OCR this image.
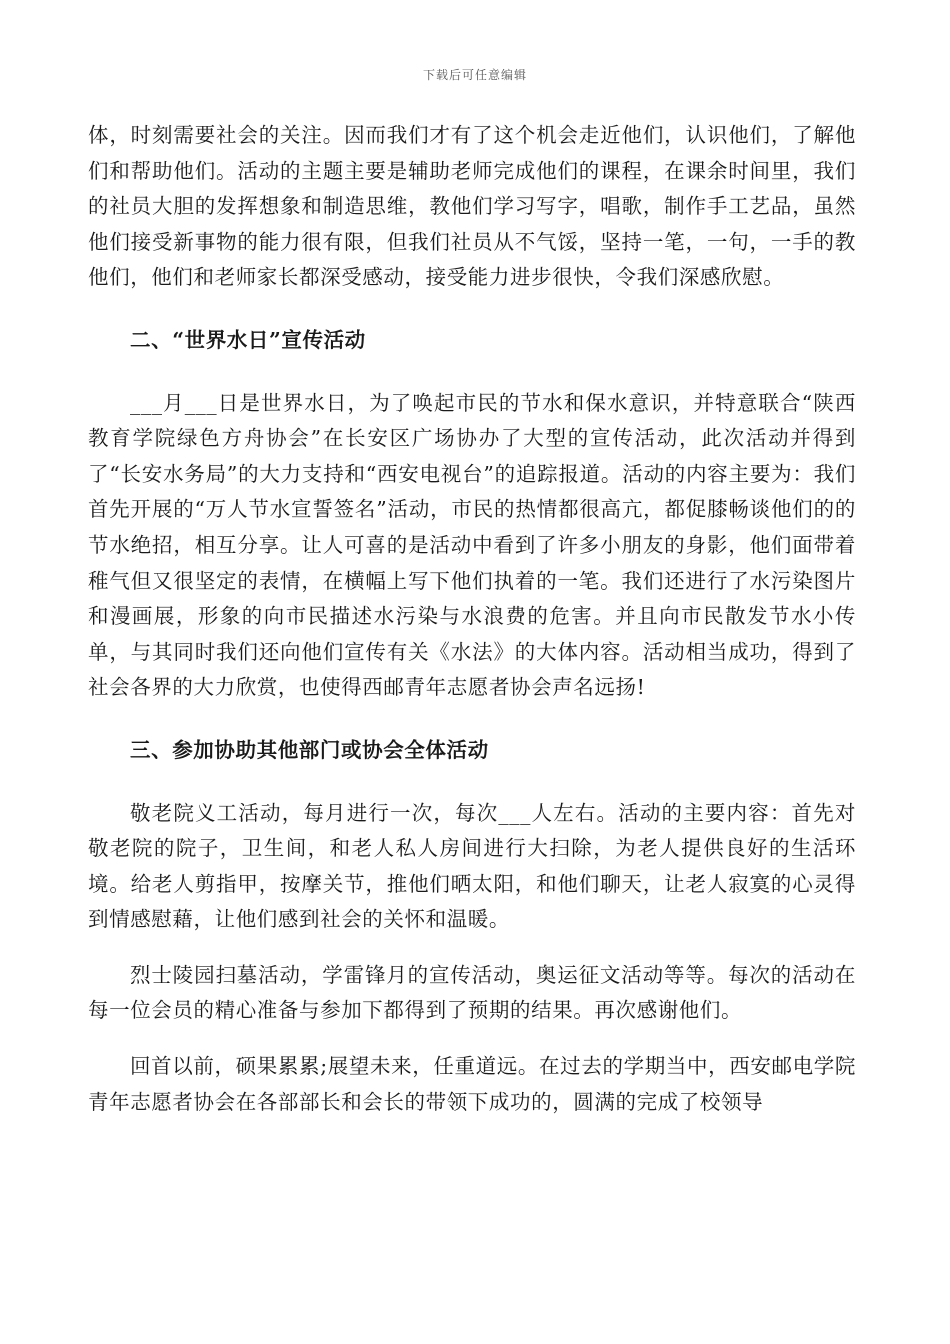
下载后可任意编辑

体，时刻需要社会的关注。因而我们才有了这个机会走近他们，认识他们，了解他们和帮助他们。活动的主题主要是辅助老师完成他们的课程，在课余时间里，我们的社员大胆的发挥想象和制造思维，教他们学习写字，唱歌，制作手工艺品，虽然他们接受新事物的能力很有限，但我们社员从不气馁，坚持一笔，一句，一手的教他们，他们和老师家长都深受感动，接受能力进步很快，令我们深感欣慰。

二、“世界水日”宣传活动

___月___日是世界水日，为了唤起市民的节水和保水意识，并特意联合“陕西教育学院绿色方舟协会”在长安区广场协办了大型的宣传活动，此次活动并得到了“长安水务局”的大力支持和“西安电视台”的追踪报道。活动的内容主要为：我们首先开展的“万人节水宣誓签名”活动，市民的热情都很高亢，都促膝畅谈他们的的节水绝招，相互分享。让人可喜的是活动中看到了许多小朋友的身影，他们面带着稚气但又很坚定的表情，在横幅上写下他们执着的一笔。我们还进行了水污染图片和漫画展，形象的向市民描述水污染与水浪费的危害。并且向市民散发节水小传单，与其同时我们还向他们宣传有关《水法》的大体内容。活动相当成功，得到了社会各界的大力欣赏，也使得西邮青年志愿者协会声名远扬!

三、参加协助其他部门或协会全体活动

敬老院义工活动，每月进行一次，每次___人左右。活动的主要内容：首先对敬老院的院子，卫生间，和老人私人房间进行大扫除，为老人提供良好的生活环境。给老人剪指甲，按摩关节，推他们晒太阳，和他们聊天，让老人寂寞的心灵得到情感慰藉，让他们感到社会的关怀和温暖。

烈士陵园扫墓活动，学雷锋月的宣传活动，奥运征文活动等等。每次的活动在每一位会员的精心准备与参加下都得到了预期的结果。再次感谢他们。

回首以前，硕果累累;展望未来，任重道远。在过去的学期当中，西安邮电学院青年志愿者协会在各部部长和会长的带领下成功的，圆满的完成了校领导
